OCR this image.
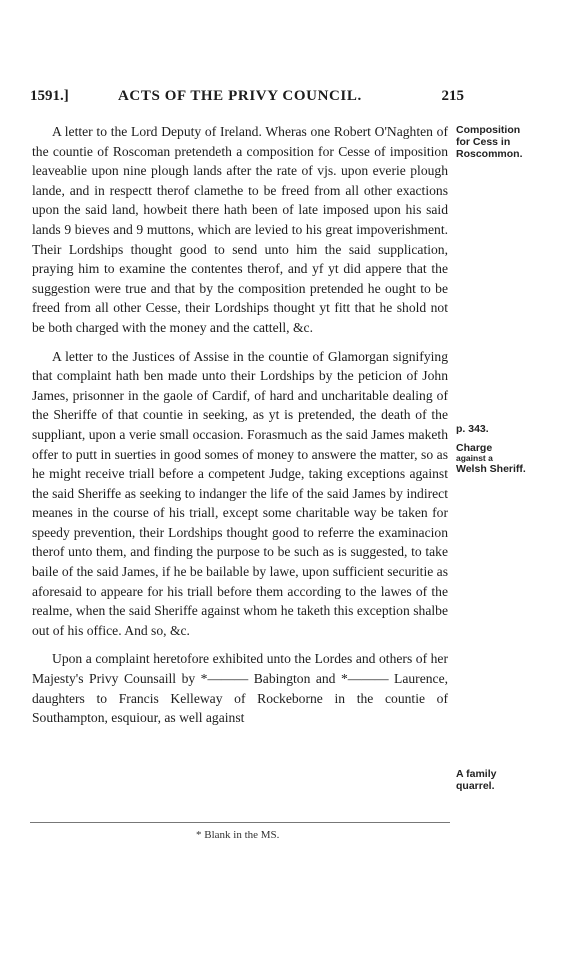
1591.]	ACTS OF THE PRIVY COUNCIL.	215

A letter to the Lord Deputy of Ireland. Wheras one Robert O'Naghten of the countie of Roscoman pretendeth a composition for Cesse of imposition leaveablie upon nine plough lands after the rate of vjs. upon everie plough lande, and in respectt therof clamethe to be freed from all other exactions upon the said land, howbeit there hath been of late imposed upon his said lands 9 bieves and 9 muttons, which are levied to his great impoverishment. Their Lordships thought good to send unto him the said supplication, praying him to examine the contentes therof, and yf yt did appere that the suggestion were true and that by the composition pretended he ought to be freed from all other Cesse, their Lordships thought yt fitt that he shold not be both charged with the money and the cattell, &c.

A letter to the Justices of Assise in the countie of Glamorgan signifying that complaint hath ben made unto their Lordships by the peticion of John James, prisonner in the gaole of Cardif, of hard and uncharitable dealing of the Sheriffe of that countie in seeking, as yt is pretended, the death of the suppliant, upon a verie small occasion. Forasmuch as the said James maketh offer to putt in suerties in good somes of money to answere the matter, so as he might receive triall before a competent Judge, taking exceptions against the said Sheriffe as seeking to indanger the life of the said James by indirect meanes in the course of his triall, except some charitable way be taken for speedy prevention, their Lordships thought good to referre the examinacion therof unto them, and finding the purpose to be such as is suggested, to take baile of the said James, if he be bailable by lawe, upon sufficient securitie as aforesaid to appeare for his triall before them according to the lawes of the realme, when the said Sheriffe against whom he taketh this exception shalbe out of his office. And so, &c.

Upon a complaint heretofore exhibited unto the Lordes and others of her Majesty's Privy Counsaill by *——— Babington and *——— Laurence, daughters to Francis Kelleway of Rockeborne in the countie of Southampton, esquiour, as well against

Composition
for Cess in
Roscommon.
p. 343.
Charge
against a
Welsh Sheriff.
A family
quarrel.
* Blank in the MS.
